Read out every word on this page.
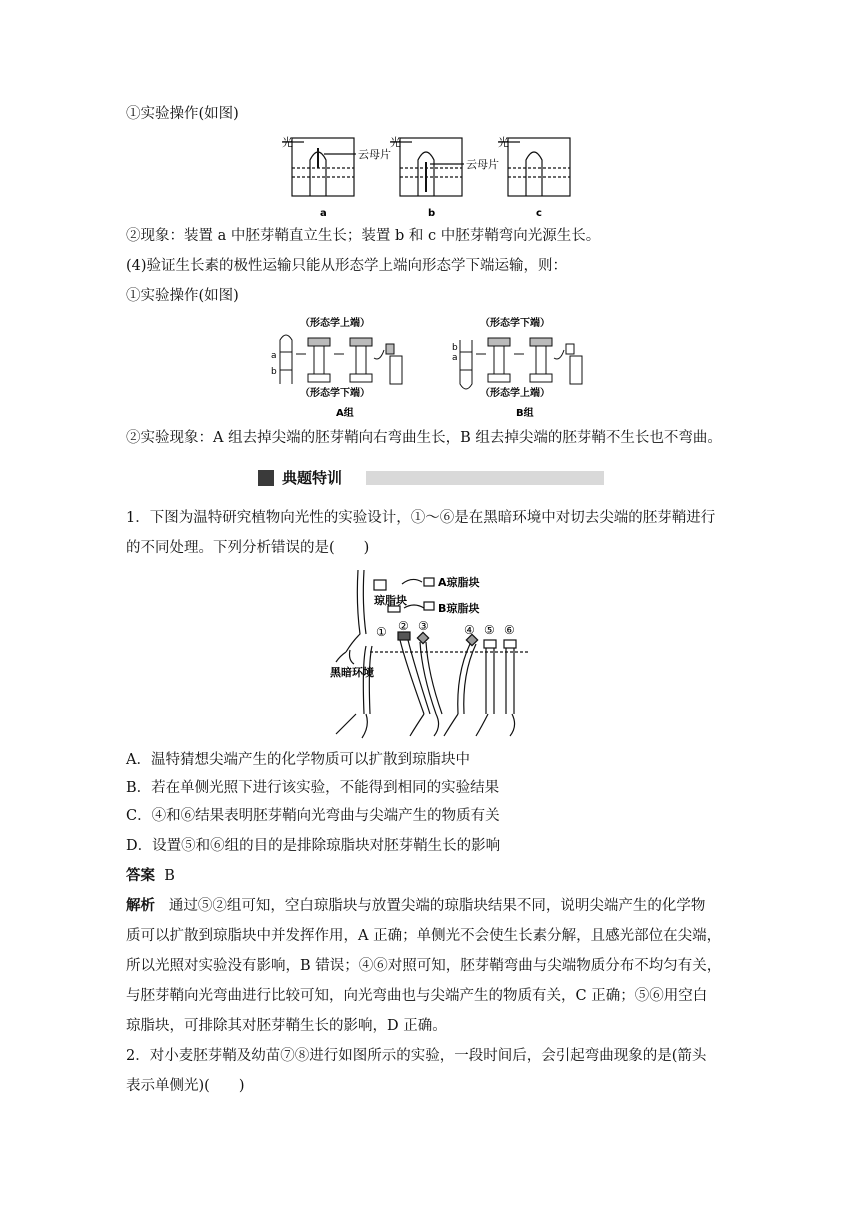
①实验操作(如图)
光	光	光
云母片
云母片
a	b	c
②现象：装置 a 中胚芽鞘直立生长；装置 b 和 c 中胚芽鞘弯向光源生长。
(4)验证生长素的极性运输只能从形态学上端向形态学下端运输，则：
①实验操作(如图)
（形态学上端）
（形态学下端）
（形态学下端）
（形态学上端）
a
b
b
a
A组	B组
②实验现象：A 组去掉尖端的胚芽鞘向右弯曲生长，B 组去掉尖端的胚芽鞘不生长也不弯曲。
典题特训
1．下图为温特研究植物向光性的实验设计，①～⑥是在黑暗环境中对切去尖端的胚芽鞘进行
的不同处理。下列分析错误的是(　　)
琼脂块
A琼脂块
B琼脂块
黑暗环境
① ② ③	④ ⑤ ⑥
A．温特猜想尖端产生的化学物质可以扩散到琼脂块中
B．若在单侧光照下进行该实验，不能得到相同的实验结果
C．④和⑥结果表明胚芽鞘向光弯曲与尖端产生的物质有关
D．设置⑤和⑥组的目的是排除琼脂块对胚芽鞘生长的影响
答案 B
解析 通过⑤②组可知，空白琼脂块与放置尖端的琼脂块结果不同，说明尖端产生的化学物
质可以扩散到琼脂块中并发挥作用，A 正确；单侧光不会使生长素分解，且感光部位在尖端，
所以光照对实验没有影响，B 错误；④⑥对照可知，胚芽鞘弯曲与尖端物质分布不均匀有关，
与胚芽鞘向光弯曲进行比较可知，向光弯曲也与尖端产生的物质有关，C 正确；⑤⑥用空白
琼脂块，可排除其对胚芽鞘生长的影响，D 正确。
2．对小麦胚芽鞘及幼苗⑦⑧进行如图所示的实验，一段时间后，会引起弯曲现象的是(箭头
表示单侧光)(　　)
